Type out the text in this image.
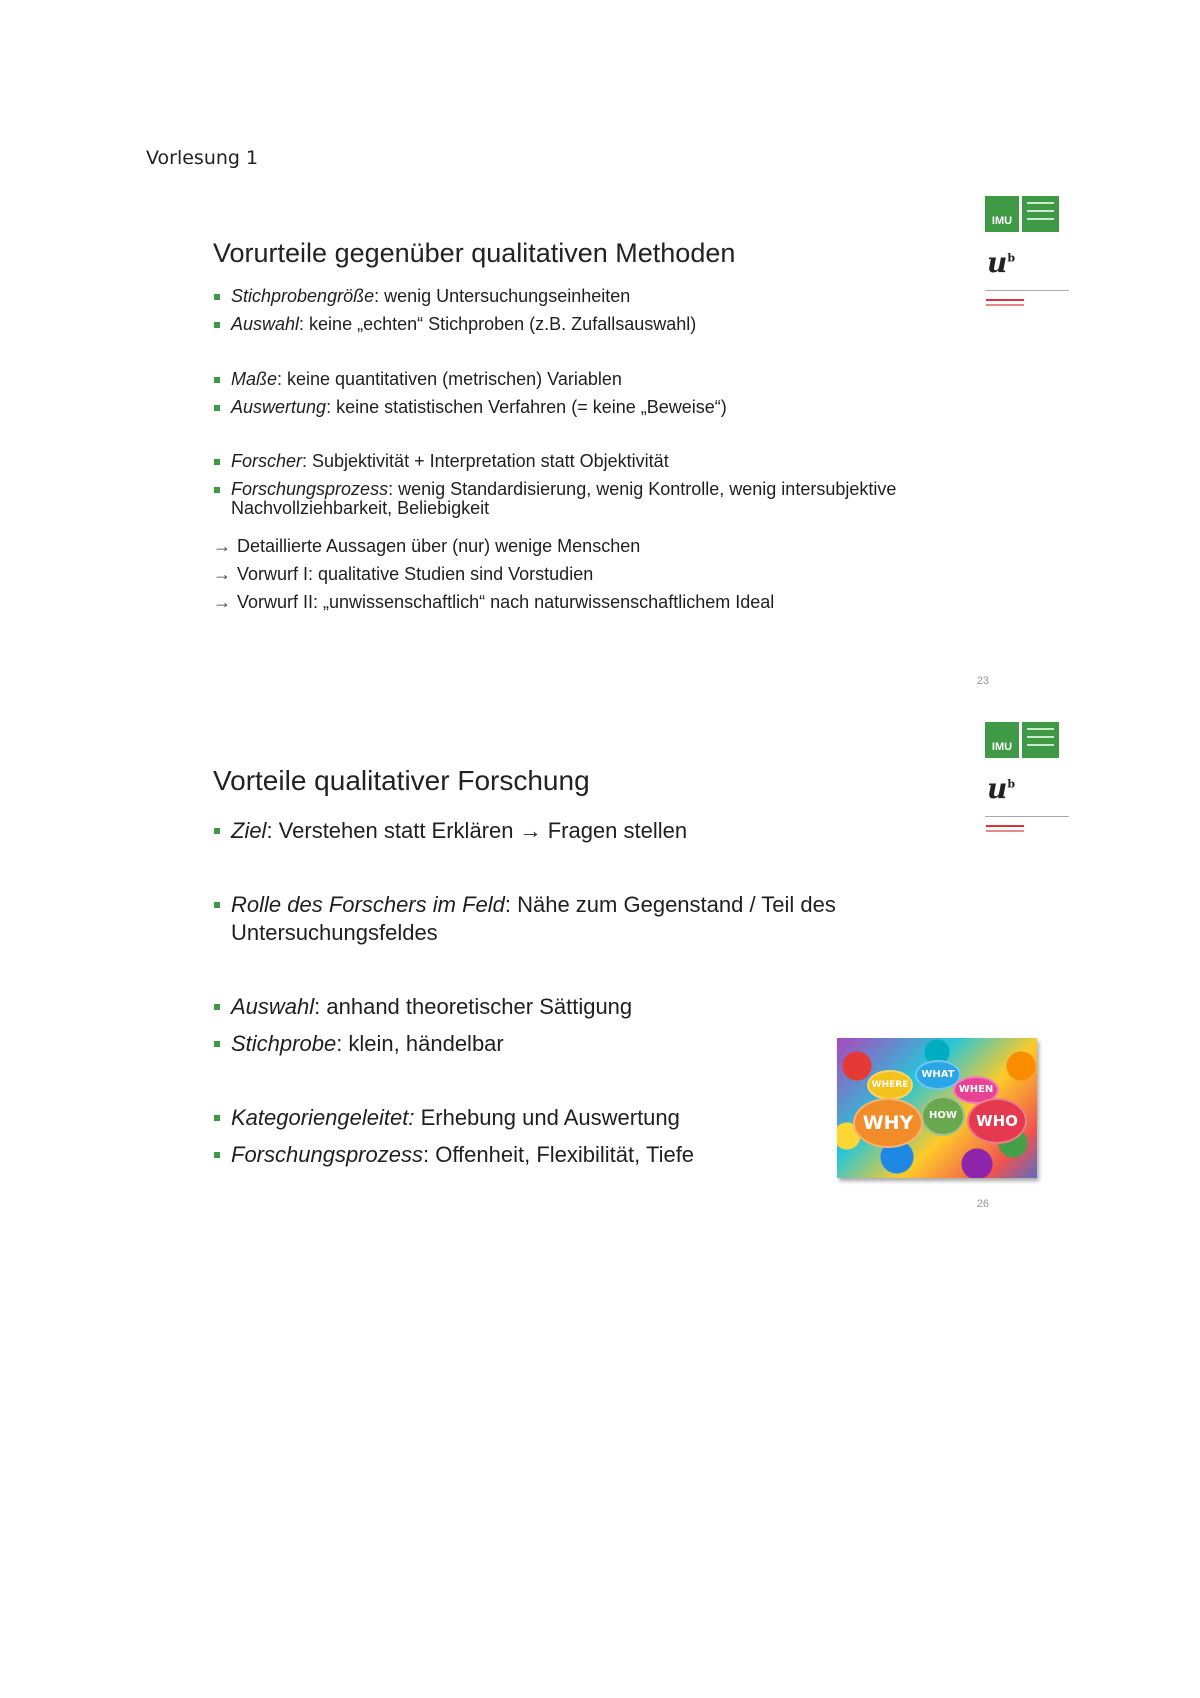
Vorlesung 1
IMU
$u^b$
Vorurteile gegenüber qualitativen Methoden
Stichprobengröße: wenig Untersuchungseinheiten
Auswahl: keine „echten“ Stichproben (z.B. Zufallsauswahl)
Maße: keine quantitativen (metrischen) Variablen
Auswertung: keine statistischen Verfahren (= keine „Beweise“)
Forscher: Subjektivität + Interpretation statt Objektivität
Forschungsprozess: wenig Standardisierung, wenig Kontrolle, wenig intersubjektive Nachvollziehbarkeit, Beliebigkeit
→ Detaillierte Aussagen über (nur) wenige Menschen
→ Vorwurf I: qualitative Studien sind Vorstudien
→ Vorwurf II: „unwissenschaftlich“ nach naturwissenschaftlichem Ideal
23
IMU
$u^b$
Vorteile qualitativer Forschung
Ziel: Verstehen statt Erklären → Fragen stellen
Rolle des Forschers im Feld: Nähe zum Gegenstand / Teil des Untersuchungsfeldes
Auswahl: anhand theoretischer Sättigung
Stichprobe: klein, händelbar
Kategoriengeleitet: Erhebung und Auswertung
Forschungsprozess: Offenheit, Flexibilität, Tiefe
WHERE
WHAT
WHEN
HOW
WHY	WHO
26
